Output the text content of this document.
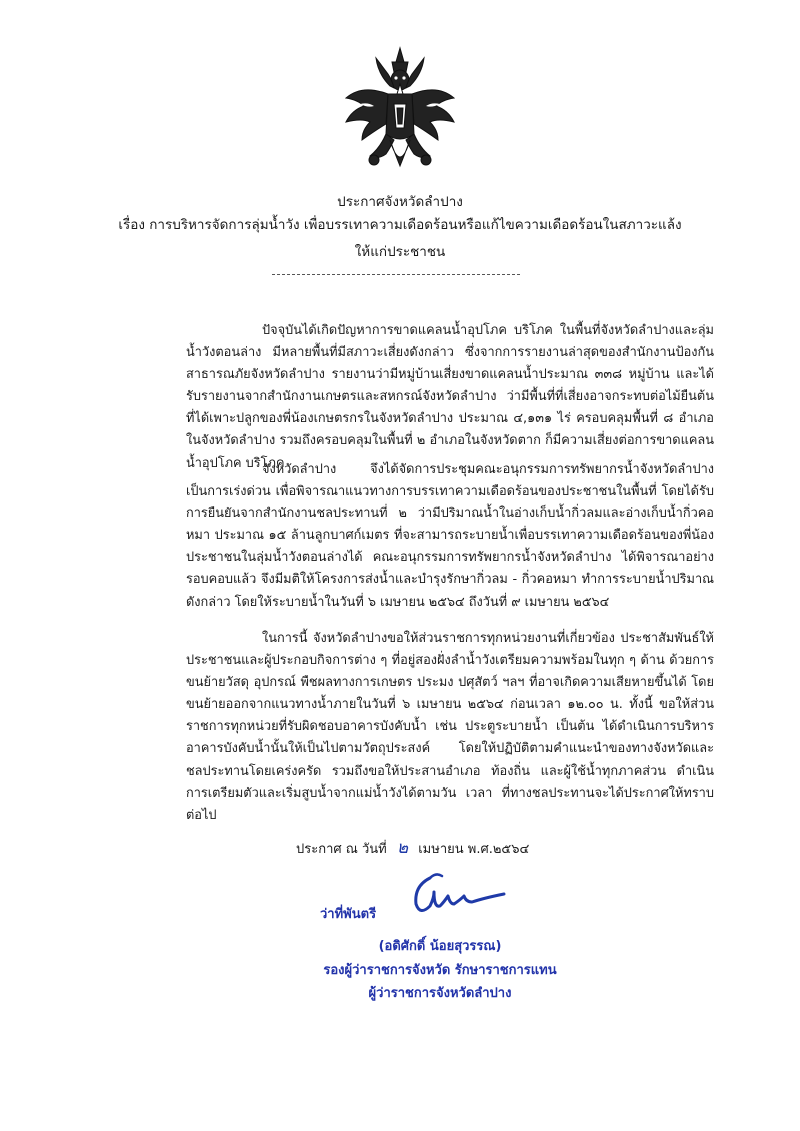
ประกาศจังหวัดลำปาง
เรื่อง การบริหารจัดการลุ่มน้ำวัง เพื่อบรรเทาความเดือดร้อนหรือแก้ไขความเดือดร้อนในสภาวะแล้ง
ให้แก่ประชาชน

ปัจจุบันได้เกิดปัญหาการขาดแคลนน้ำอุปโภค บริโภค ในพื้นที่จังหวัดลำปางและลุ่มน้ำวังตอนล่าง มีหลายพื้นที่มีสภาวะเสี่ยงดังกล่าว ซึ่งจากการรายงานล่าสุดของสำนักงานป้องกันสาธารณภัยจังหวัดลำปาง รายงานว่ามีหมู่บ้านเสี่ยงขาดแคลนน้ำประมาณ ๓๓๘ หมู่บ้าน และได้รับรายงานจากสำนักงานเกษตรและสหกรณ์จังหวัดลำปาง ว่ามีพื้นที่ที่เสี่ยงอาจกระทบต่อไม้ยืนต้นที่ได้เพาะปลูกของพี่น้องเกษตรกรในจังหวัดลำปาง ประมาณ ๔,๑๓๑ ไร่ ครอบคลุมพื้นที่ ๘ อำเภอในจังหวัดลำปาง รวมถึงครอบคลุมในพื้นที่ ๒ อำเภอในจังหวัดตาก ก็มีความเสี่ยงต่อการขาดแคลนน้ำอุปโภค บริโภค

จังหวัดลำปาง จึงได้จัดการประชุมคณะอนุกรรมการทรัพยากรน้ำจังหวัดลำปาง เป็นการเร่งด่วน เพื่อพิจารณาแนวทางการบรรเทาความเดือดร้อนของประชาชนในพื้นที่ โดยได้รับการยืนยันจากสำนักงานชลประทานที่ ๒ ว่ามีปริมาณน้ำในอ่างเก็บน้ำกิ่วลมและอ่างเก็บน้ำกิ่วคอหมา ประมาณ ๑๕ ล้านลูกบาศก์เมตร ที่จะสามารถระบายน้ำเพื่อบรรเทาความเดือดร้อนของพี่น้องประชาชนในลุ่มน้ำวังตอนล่างได้ คณะอนุกรรมการทรัพยากรน้ำจังหวัดลำปาง ได้พิจารณาอย่างรอบคอบแล้ว จึงมีมติให้โครงการส่งน้ำและบำรุงรักษากิ่วลม - กิ่วคอหมา ทำการระบายน้ำปริมาณดังกล่าว โดยให้ระบายน้ำในวันที่ ๖ เมษายน ๒๕๖๔ ถึงวันที่ ๙ เมษายน ๒๕๖๔

ในการนี้ จังหวัดลำปางขอให้ส่วนราชการทุกหน่วยงานที่เกี่ยวข้อง ประชาสัมพันธ์ให้ประชาชนและผู้ประกอบกิจการต่าง ๆ ที่อยู่สองฝั่งลำน้ำวังเตรียมความพร้อมในทุก ๆ ด้าน ด้วยการขนย้ายวัสดุ อุปกรณ์ พืชผลทางการเกษตร ประมง ปศุสัตว์ ฯลฯ ที่อาจเกิดความเสียหายขึ้นได้ โดยขนย้ายออกจากแนวทางน้ำภายในวันที่ ๖ เมษายน ๒๕๖๔ ก่อนเวลา ๑๒.๐๐ น. ทั้งนี้ ขอให้ส่วนราชการทุกหน่วยที่รับผิดชอบอาคารบังคับน้ำ เช่น ประตูระบายน้ำ เป็นต้น ได้ดำเนินการบริหารอาคารบังคับน้ำนั้นให้เป็นไปตามวัตถุประสงค์ โดยให้ปฏิบัติตามคำแนะนำของทางจังหวัดและชลประทานโดยเคร่งครัด รวมถึงขอให้ประสานอำเภอ ท้องถิ่น และผู้ใช้น้ำทุกภาคส่วน ดำเนินการเตรียมตัวและเริ่มสูบน้ำจากแม่น้ำวังได้ตามวัน เวลา ที่ทางชลประทานจะได้ประกาศให้ทราบต่อไป

ประกาศ ณ วันที่ ๒ เมษายน พ.ศ.๒๕๖๔
ว่าที่พันตรี
(อดิศักดิ์ น้อยสุวรรณ)
รองผู้ว่าราชการจังหวัด รักษาราชการแทน
ผู้ว่าราชการจังหวัดลำปาง
